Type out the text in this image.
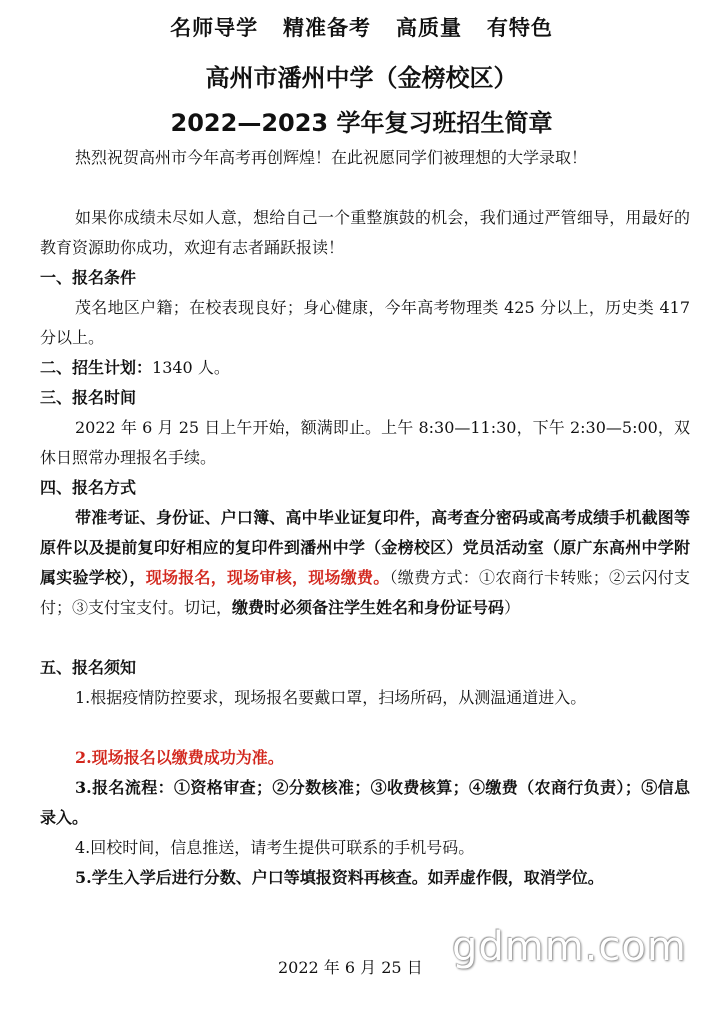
名师导学   精准备考   高质量   有特色
高州市潘州中学（金榜校区）
2022—2023 学年复习班招生简章
热烈祝贺高州市今年高考再创辉煌！在此祝愿同学们被理想的大学录取！
如果你成绩未尽如人意，想给自己一个重整旗鼓的机会，我们通过严管细导，用最好的教育资源助你成功，欢迎有志者踊跃报读！
一、报名条件
茂名地区户籍；在校表现良好；身心健康，今年高考物理类 425 分以上，历史类 417 分以上。
二、招生计划：1340 人。
三、报名时间
2022 年 6 月 25 日上午开始，额满即止。上午 8:30—11:30，下午 2:30—5:00，双休日照常办理报名手续。
四、报名方式
带准考证、身份证、户口簿、高中毕业证复印件，高考查分密码或高考成绩手机截图等原件以及提前复印好相应的复印件到潘州中学（金榜校区）党员活动室（原广东高州中学附属实验学校），现场报名，现场审核，现场缴费。（缴费方式：①农商行卡转账；②云闪付支付；③支付宝支付。切记，缴费时必须备注学生姓名和身份证号码）
五、报名须知
1.根据疫情防控要求，现场报名要戴口罩，扫场所码，从测温通道进入。
2.现场报名以缴费成功为准。
3.报名流程：①资格审查；②分数核准；③收费核算；④缴费（农商行负责）；⑤信息录入。
4.回校时间，信息推送，请考生提供可联系的手机号码。
5.学生入学后进行分数、户口等填报资料再核查。如弄虚作假，取消学位。
2022 年 6 月 25 日 gdmm.com
